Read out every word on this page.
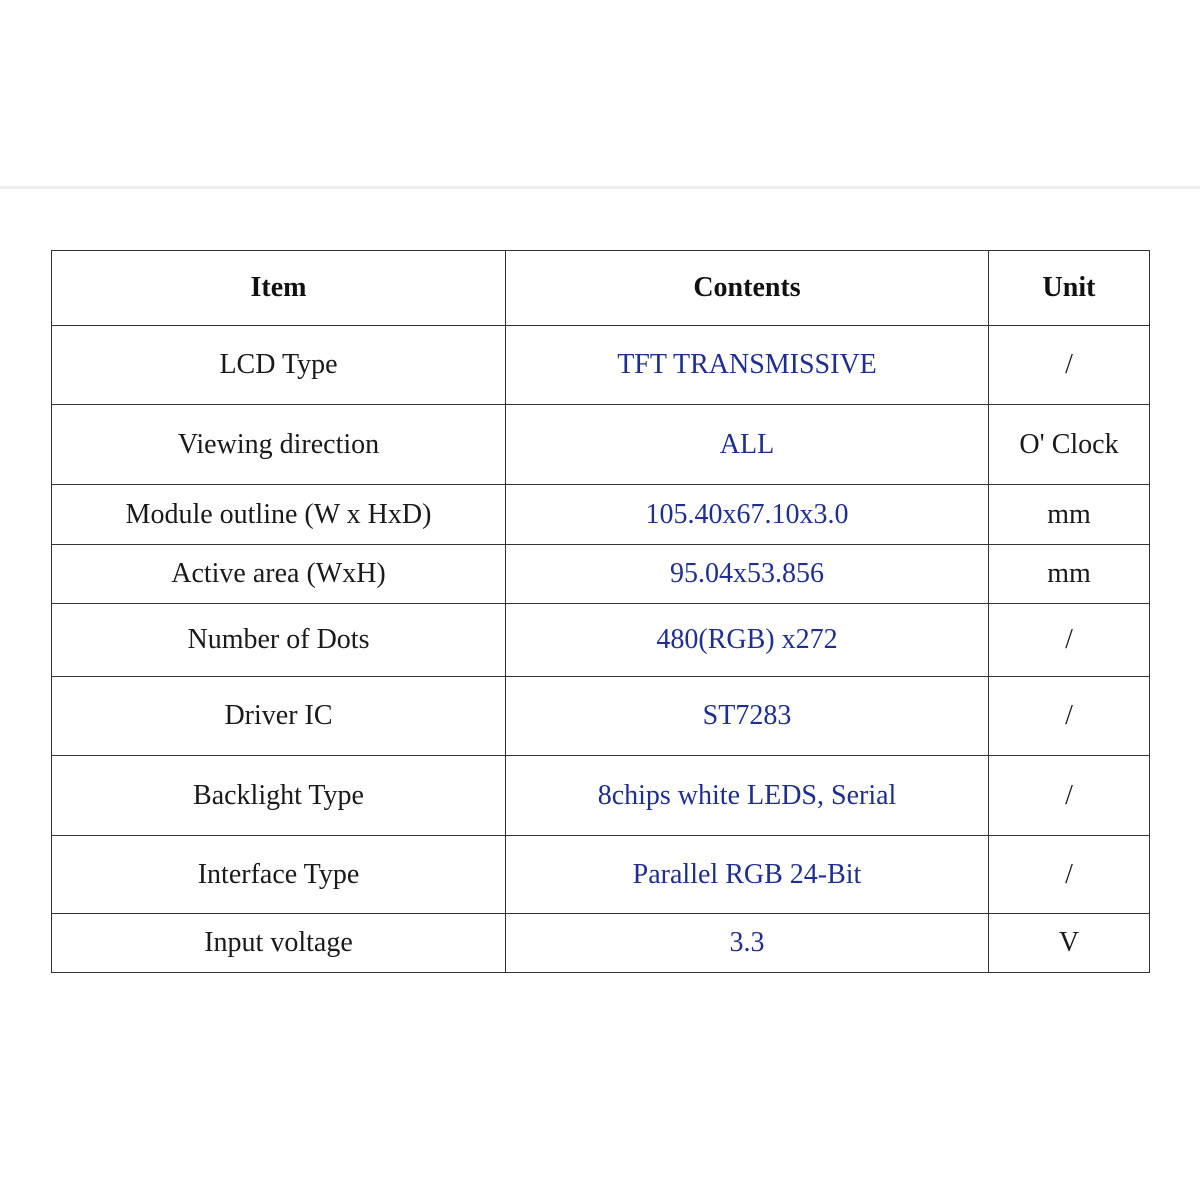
Item	Contents	Unit
LCD Type	TFT TRANSMISSIVE	/
Viewing direction	ALL	O' Clock
Module outline (W x HxD)	105.40x67.10x3.0	mm
Active area (WxH)	95.04x53.856	mm
Number of Dots	480(RGB) x272	/
Driver IC	ST7283	/
Backlight Type	8chips white LEDS, Serial	/
Interface Type	Parallel RGB 24-Bit	/
Input voltage	3.3	V
